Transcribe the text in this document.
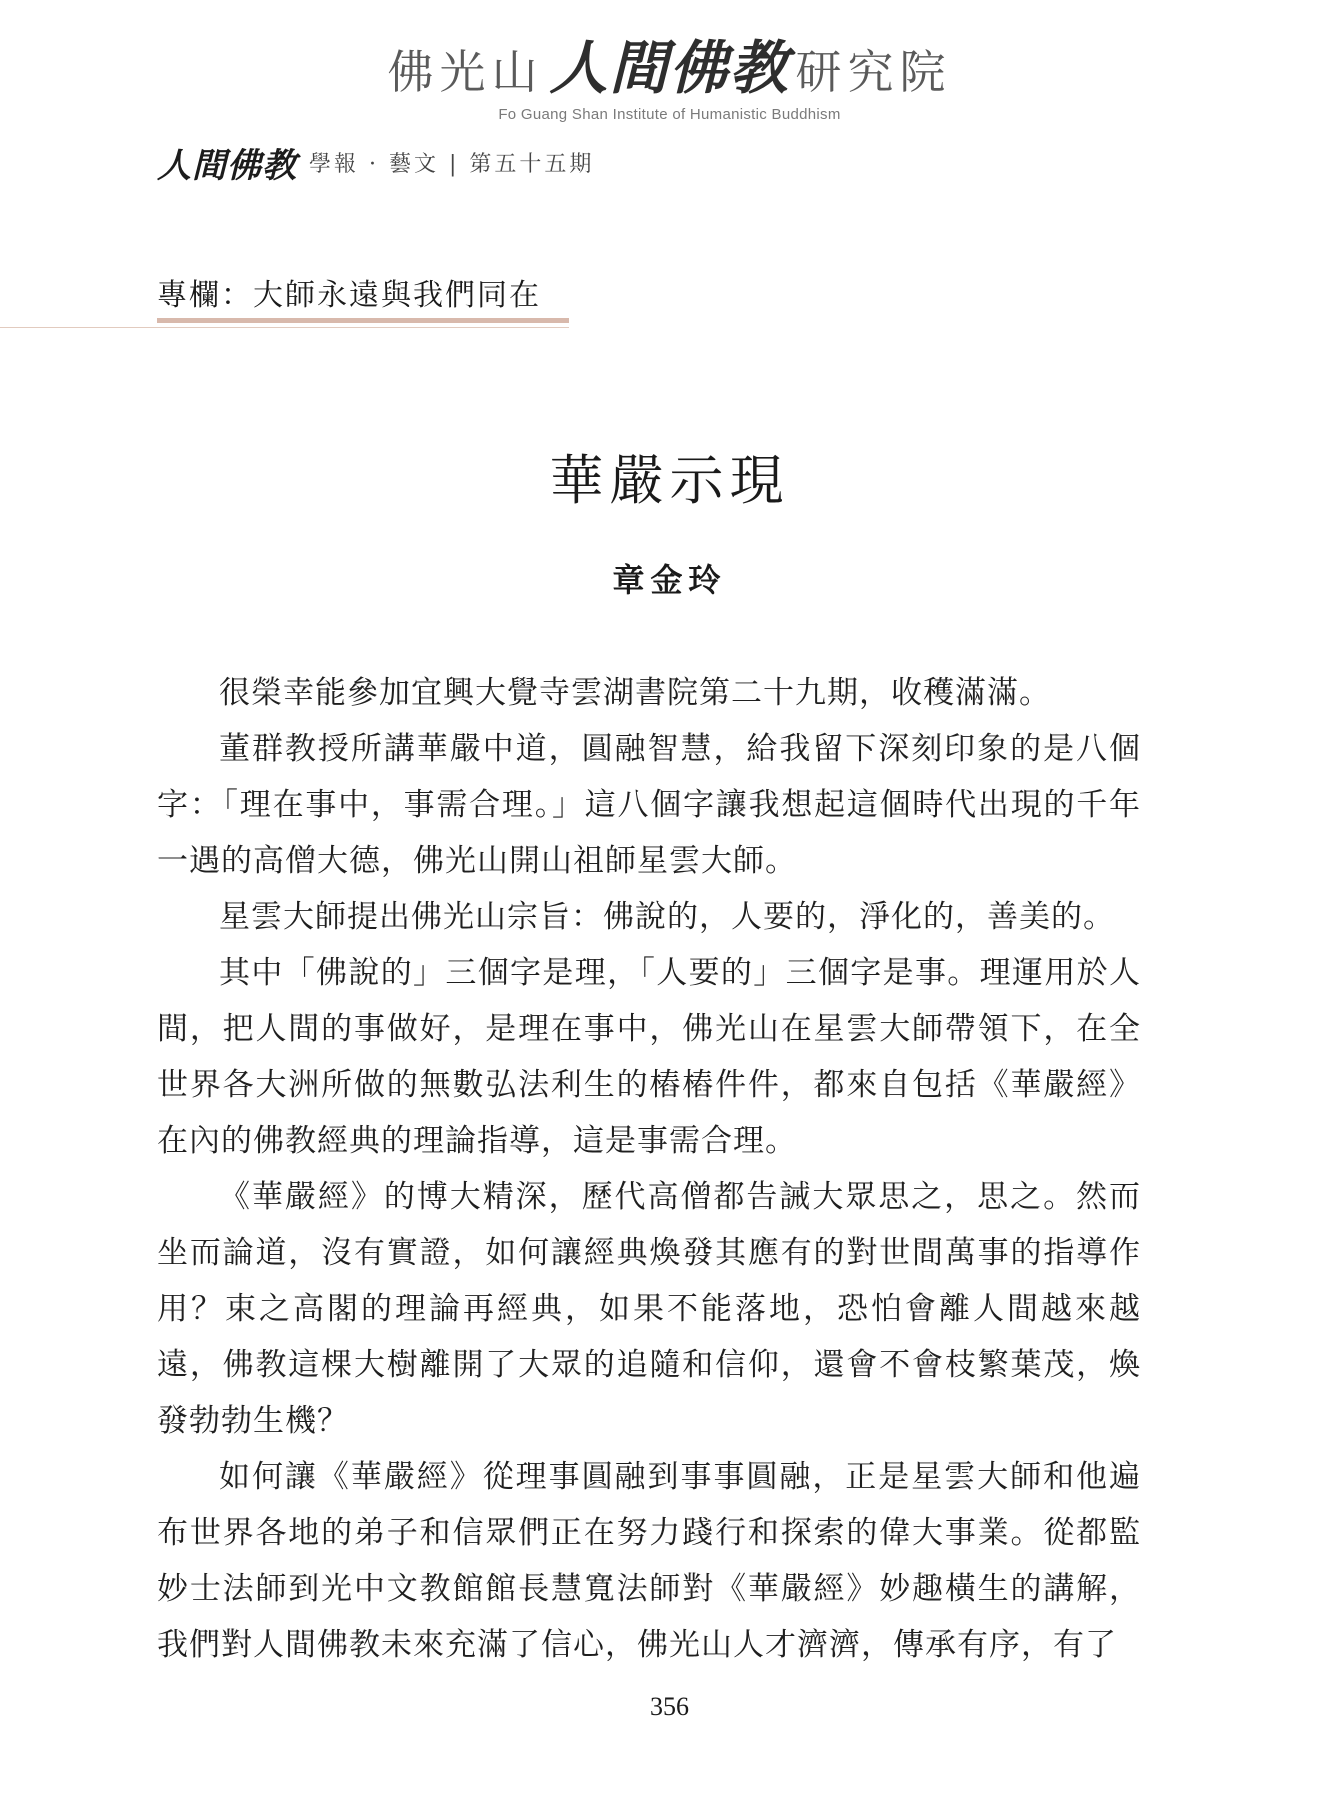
佛光山 人間佛教 研究院
Fo Guang Shan Institute of Humanistic Buddhism
人間佛教 學報 · 藝文 | 第五十五期
專欄：大師永遠與我們同在
華嚴示現
章金玲

很榮幸能參加宜興大覺寺雲湖書院第二十九期，收穫滿滿。

董群教授所講華嚴中道，圓融智慧，給我留下深刻印象的是八個字：「理在事中，事需合理。」這八個字讓我想起這個時代出現的千年一遇的高僧大德，佛光山開山祖師星雲大師。

星雲大師提出佛光山宗旨：佛說的，人要的，淨化的，善美的。

其中「佛說的」三個字是理，「人要的」三個字是事。理運用於人間，把人間的事做好，是理在事中，佛光山在星雲大師帶領下，在全世界各大洲所做的無數弘法利生的樁樁件件，都來自包括《華嚴經》在內的佛教經典的理論指導，這是事需合理。

《華嚴經》的博大精深，歷代高僧都告誡大眾思之，思之。然而坐而論道，沒有實證，如何讓經典煥發其應有的對世間萬事的指導作用？束之高閣的理論再經典，如果不能落地，恐怕會離人間越來越遠，佛教這棵大樹離開了大眾的追隨和信仰，還會不會枝繁葉茂，煥發勃勃生機？

如何讓《華嚴經》從理事圓融到事事圓融，正是星雲大師和他遍布世界各地的弟子和信眾們正在努力踐行和探索的偉大事業。從都監妙士法師到光中文教館館長慧寬法師對《華嚴經》妙趣橫生的講解，我們對人間佛教未來充滿了信心，佛光山人才濟濟，傳承有序，有了

356
